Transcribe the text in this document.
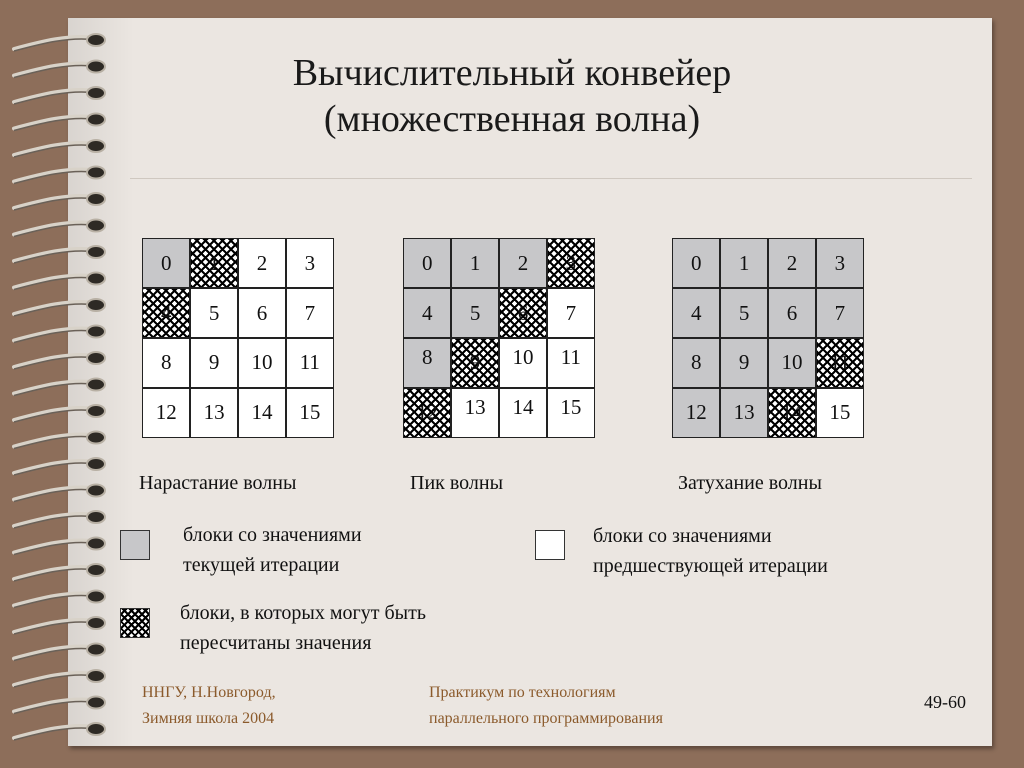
Вычислительный конвейер
(множественная волна)
0	1	2	3
4	5	6	7
8	9	10	11
12	13	14	15
0	1	2	3
4	5	6	7
8	9	10	11
12	13	14	15
0	1	2	3
4	5	6	7
8	9	10	11
12	13	14	15
Нарастание волны	Пик волны	Затухание волны
блоки со значениями
текущей итерации
блоки со значениями
предшествующей итерации
блоки, в которых могут быть
пересчитаны значения
ННГУ, Н.Новгород,
Зимняя школа 2004
Практикум по технологиям
параллельного программирования
49-60
